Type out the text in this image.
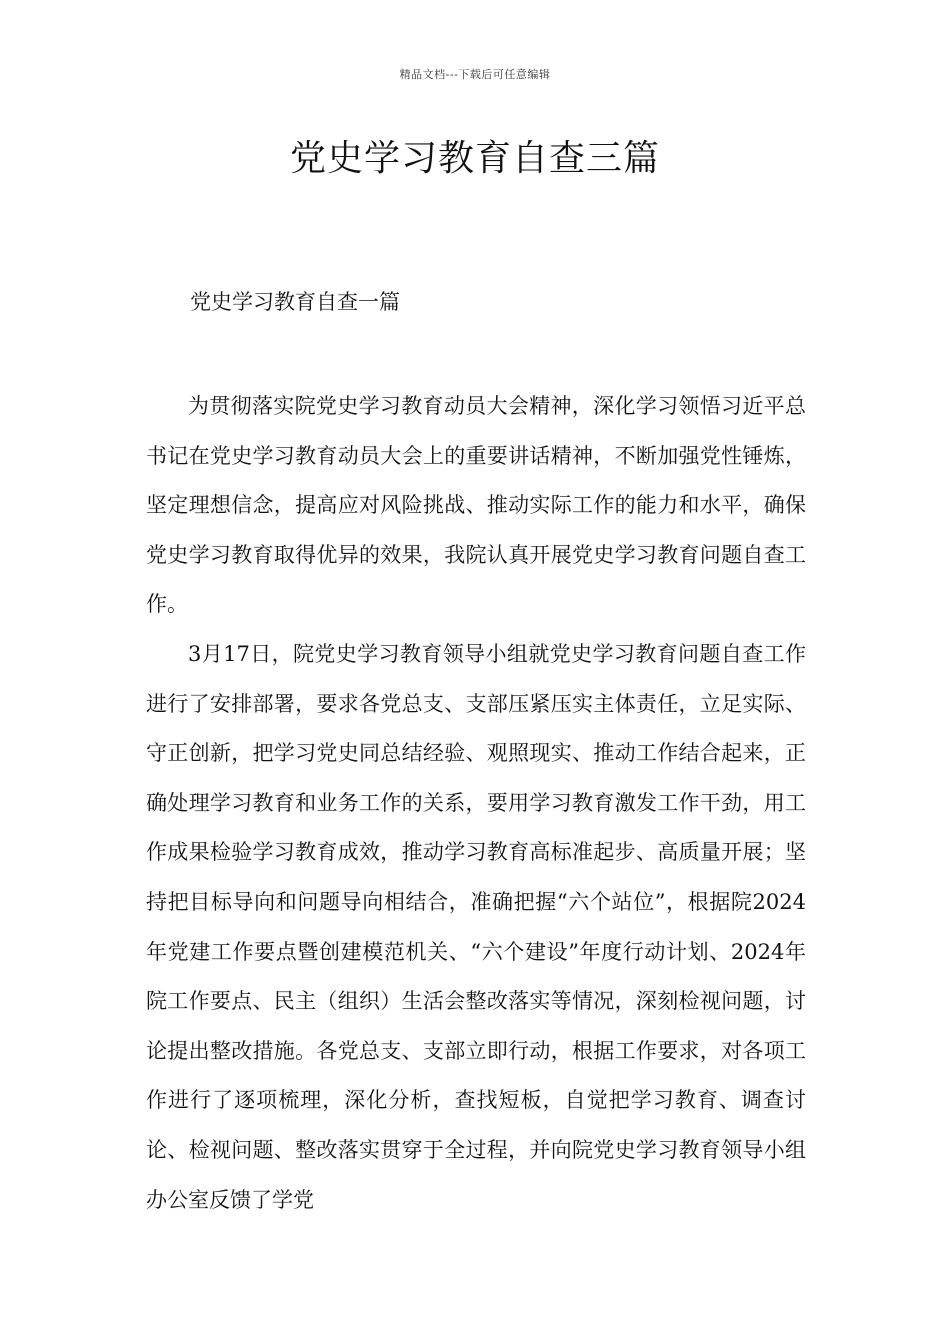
精品文档---下载后可任意编辑
党史学习教育自查三篇
党史学习教育自查一篇

为贯彻落实院党史学习教育动员大会精神，深化学习领悟习近平总书记在党史学习教育动员大会上的重要讲话精神，不断加强党性锤炼，坚定理想信念，提高应对风险挑战、推动实际工作的能力和水平，确保党史学习教育取得优异的效果，我院认真开展党史学习教育问题自查工作。

3月17日，院党史学习教育领导小组就党史学习教育问题自查工作进行了安排部署，要求各党总支、支部压紧压实主体责任，立足实际、守正创新，把学习党史同总结经验、观照现实、推动工作结合起来，正确处理学习教育和业务工作的关系，要用学习教育激发工作干劲，用工作成果检验学习教育成效，推动学习教育高标准起步、高质量开展；坚持把目标导向和问题导向相结合，准确把握“六个站位”，根据院2024年党建工作要点暨创建模范机关、“六个建设”年度行动计划、2024年院工作要点、民主（组织）生活会整改落实等情况，深刻检视问题，讨论提出整改措施。各党总支、支部立即行动，根据工作要求，对各项工作进行了逐项梳理，深化分析，查找短板，自觉把学习教育、调查讨论、检视问题、整改落实贯穿于全过程，并向院党史学习教育领导小组办公室反馈了学党
